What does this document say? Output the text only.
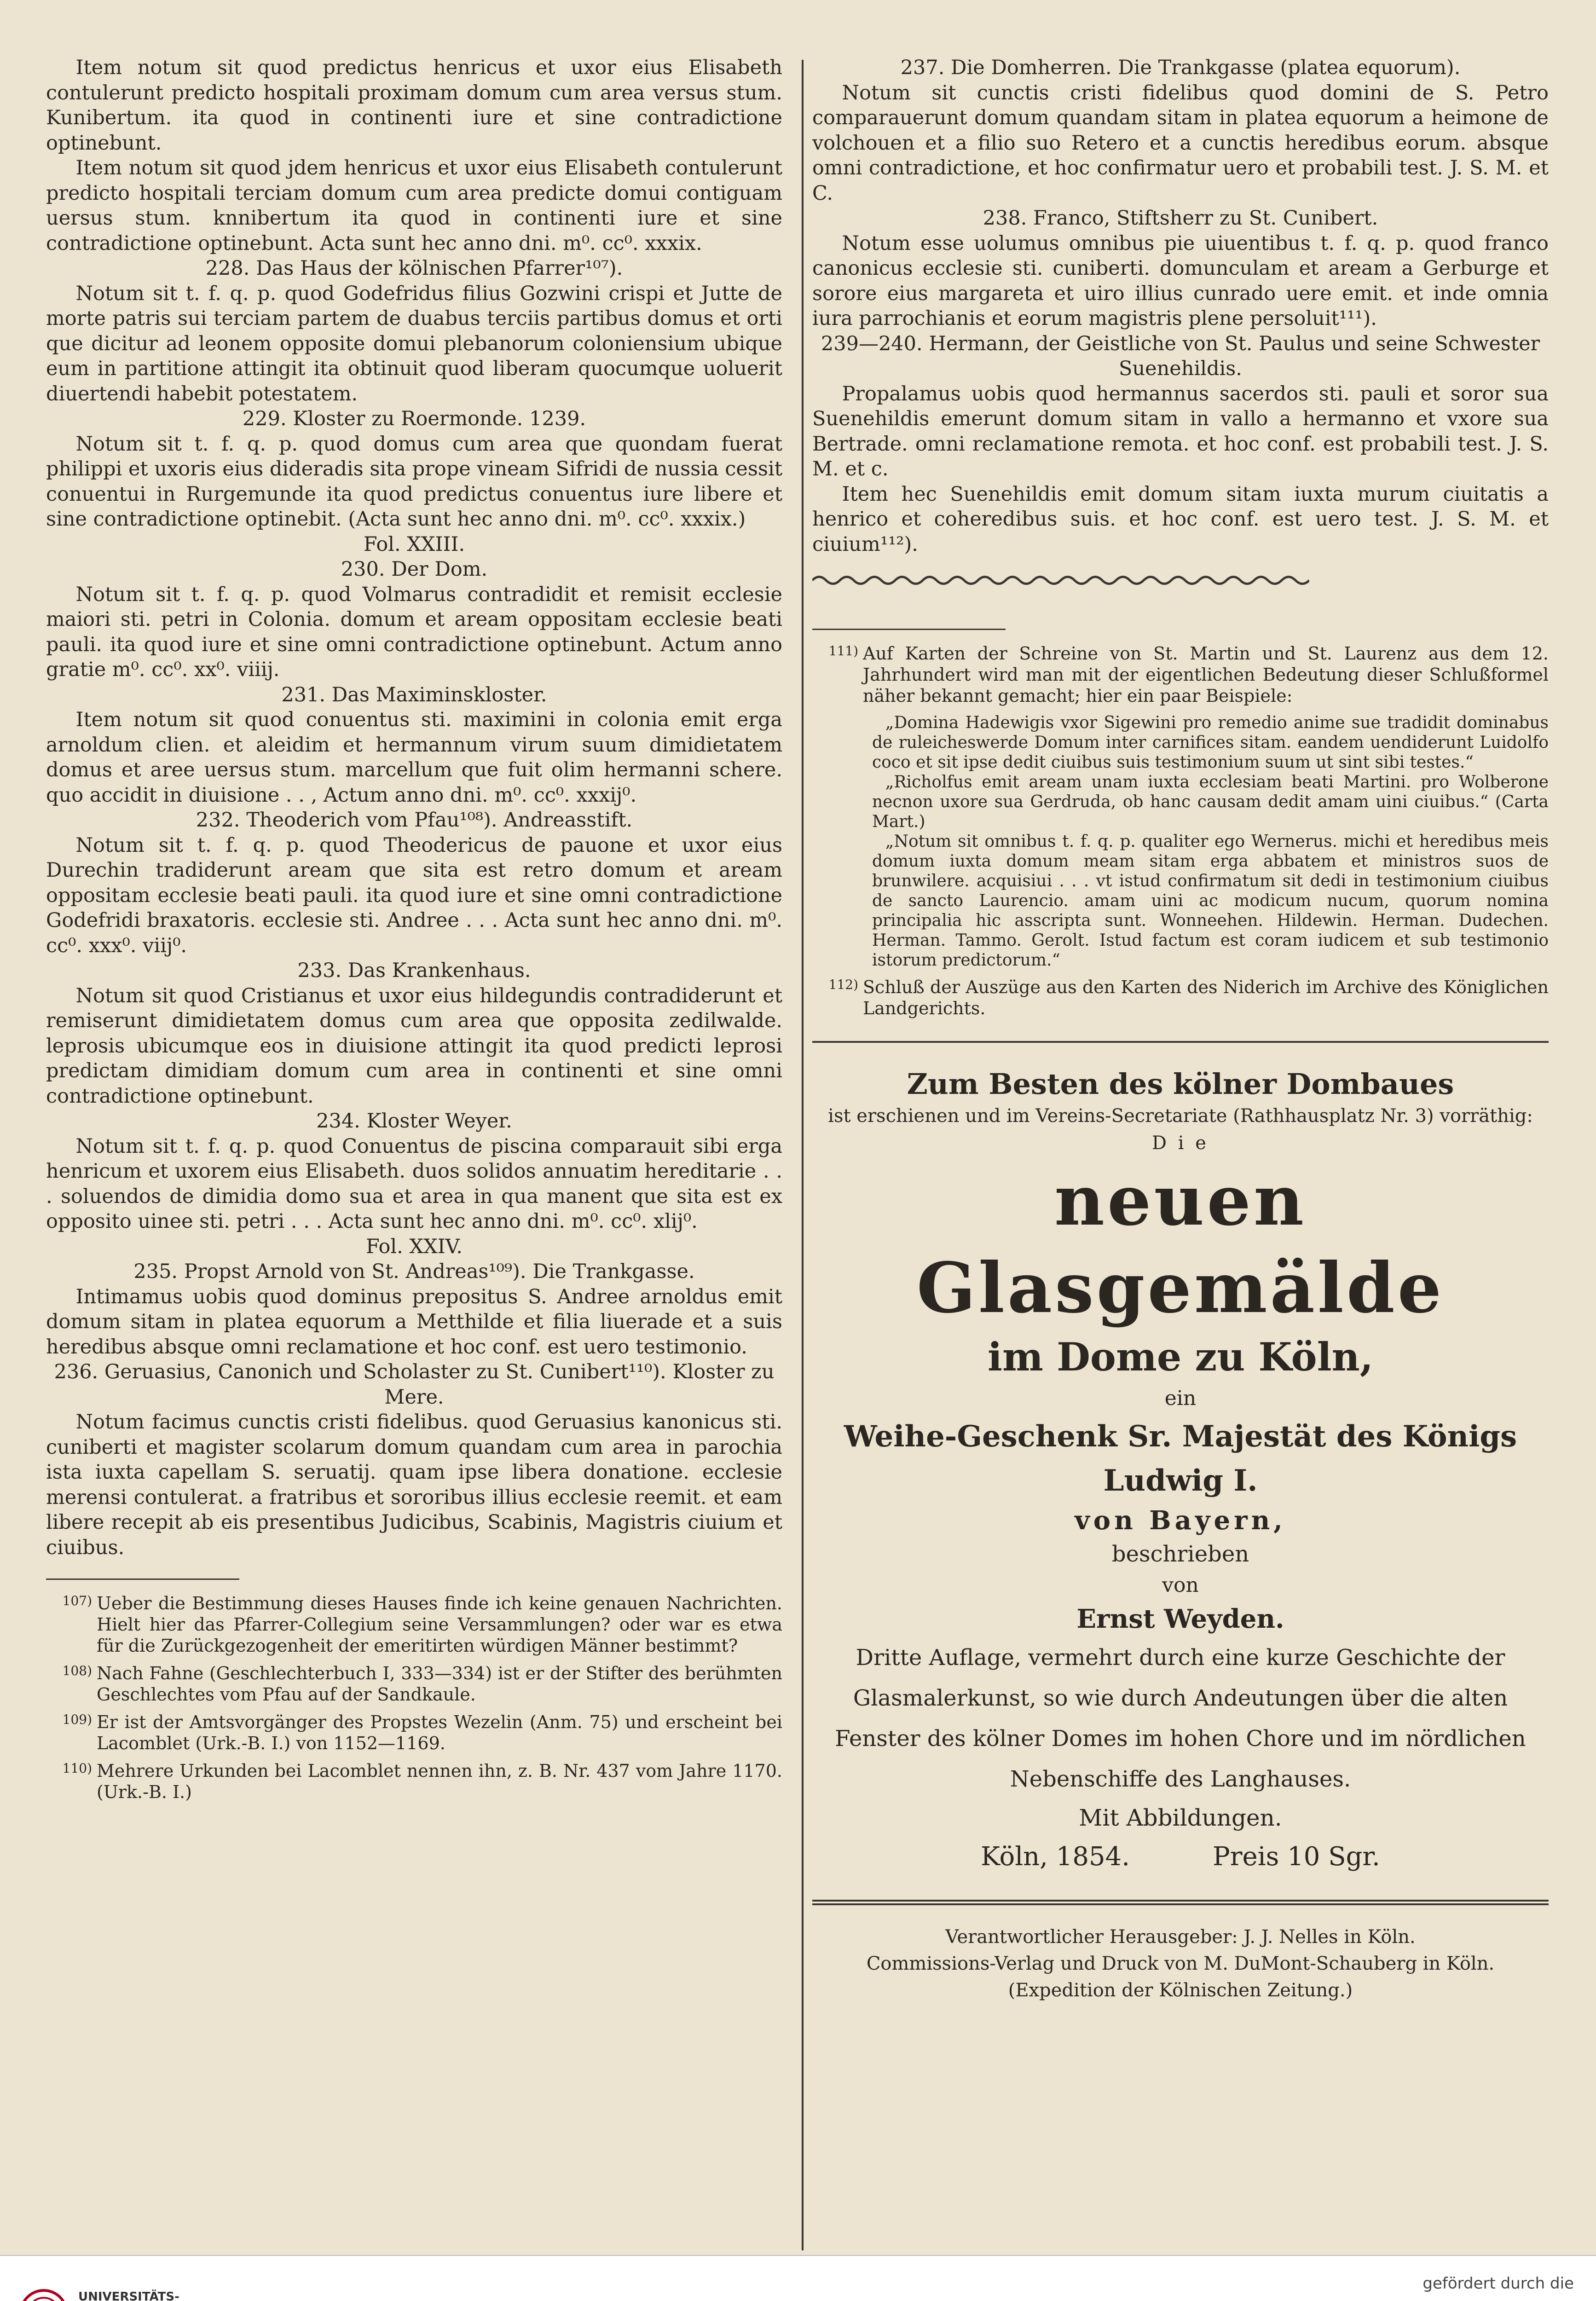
Item notum sit quod predictus henricus et uxor eius Elisabeth contulerunt predicto hospitali proximam domum cum area versus stum. Kunibertum. ita quod in continenti iure et sine contradictione optinebunt.

Item notum sit quod jdem henricus et uxor eius Elisabeth contulerunt predicto hospitali terciam domum cum area predicte domui contiguam uersus stum. knnibertum ita quod in continenti iure et sine contradictione optinebunt. Acta sunt hec anno dni. m⁰. cc⁰. xxxix.

228. Das Haus der kölnischen Pfarrer¹⁰⁷).

Notum sit t. f. q. p. quod Godefridus filius Gozwini crispi et Jutte de morte patris sui terciam partem de duabus terciis partibus domus et orti que dicitur ad leonem opposite domui plebanorum coloniensium ubique eum in partitione attingit ita obtinuit quod liberam quocumque uoluerit diuertendi habebit potestatem.

229. Kloster zu Roermonde. 1239.

Notum sit t. f. q. p. quod domus cum area que quondam fuerat philippi et uxoris eius dideradis sita prope vineam Sifridi de nussia cessit conuentui in Rurgemunde ita quod predictus conuentus iure libere et sine contradictione optinebit. (Acta sunt hec anno dni. m⁰. cc⁰. xxxix.)

Fol. XXIII.

230. Der Dom.

Notum sit t. f. q. p. quod Volmarus contradidit et remisit ecclesie maiori sti. petri in Colonia. domum et aream oppositam ecclesie beati pauli. ita quod iure et sine omni contradictione optinebunt. Actum anno gratie m⁰. cc⁰. xx⁰. viiij.

231. Das Maximinskloster.

Item notum sit quod conuentus sti. maximini in colonia emit erga arnoldum clien. et aleidim et hermannum virum suum dimidietatem domus et aree uersus stum. marcellum que fuit olim hermanni schere. quo accidit in diuisione . . , Actum anno dni. m⁰. cc⁰. xxxij⁰.

232. Theoderich vom Pfau¹⁰⁸). Andreasstift.

Notum sit t. f. q. p. quod Theodericus de pauone et uxor eius Durechin tradiderunt aream que sita est retro domum et aream oppositam ecclesie beati pauli. ita quod iure et sine omni contradictione Godefridi braxatoris. ecclesie sti. Andree . . . Acta sunt hec anno dni. m⁰. cc⁰. xxx⁰. viij⁰.

233. Das Krankenhaus.

Notum sit quod Cristianus et uxor eius hildegundis contradiderunt et remiserunt dimidietatem domus cum area que opposita zedilwalde. leprosis ubicumque eos in diuisione attingit ita quod predicti leprosi predictam dimidiam domum cum area in continenti et sine omni contradictione optinebunt.

234. Kloster Weyer.

Notum sit t. f. q. p. quod Conuentus de piscina comparauit sibi erga henricum et uxorem eius Elisabeth. duos solidos annuatim hereditarie . . . soluendos de dimidia domo sua et area in qua manent que sita est ex opposito uinee sti. petri . . . Acta sunt hec anno dni. m⁰. cc⁰. xlij⁰.

Fol. XXIV.

235. Propst Arnold von St. Andreas¹⁰⁹). Die Trankgasse.

Intimamus uobis quod dominus prepositus S. Andree arnoldus emit domum sitam in platea equorum a Metthilde et filia liuerade et a suis heredibus absque omni reclamatione et hoc conf. est uero testimonio.

236. Geruasius, Canonich und Scholaster zu St. Cunibert¹¹⁰). Kloster zu Mere.

Notum facimus cunctis cristi fidelibus. quod Geruasius kanonicus sti. cuniberti et magister scolarum domum quandam cum area in parochia ista iuxta capellam S. seruatij. quam ipse libera donatione. ecclesie merensi contulerat. a fratribus et sororibus illius ecclesie reemit. et eam libere recepit ab eis presentibus Judicibus, Scabinis, Magistris ciuium et ciuibus.

107) Ueber die Bestimmung dieses Hauses finde ich keine genauen Nachrichten. Hielt hier das Pfarrer-Collegium seine Versammlungen? oder war es etwa für die Zurückgezogenheit der emeritirten würdigen Männer bestimmt?

108) Nach Fahne (Geschlechterbuch I, 333—334) ist er der Stifter des berühmten Geschlechtes vom Pfau auf der Sandkaule.

109) Er ist der Amtsvorgänger des Propstes Wezelin (Anm. 75) und erscheint bei Lacomblet (Urk.-B. I.) von 1152—1169.

110) Mehrere Urkunden bei Lacomblet nennen ihn, z. B. Nr. 437 vom Jahre 1170. (Urk.-B. I.)

237. Die Domherren. Die Trankgasse (platea equorum).

Notum sit cunctis cristi fidelibus quod domini de S. Petro comparauerunt domum quandam sitam in platea equorum a heimone de volchouen et a filio suo Retero et a cunctis heredibus eorum. absque omni contradictione, et hoc confirmatur uero et probabili test. J. S. M. et C.

238. Franco, Stiftsherr zu St. Cunibert.

Notum esse uolumus omnibus pie uiuentibus t. f. q. p. quod franco canonicus ecclesie sti. cuniberti. domunculam et aream a Gerburge et sorore eius margareta et uiro illius cunrado uere emit. et inde omnia iura parrochianis et eorum magistris plene persoluit¹¹¹).

239—240. Hermann, der Geistliche von St. Paulus und seine Schwester Suenehildis.

Propalamus uobis quod hermannus sacerdos sti. pauli et soror sua Suenehildis emerunt domum sitam in vallo a hermanno et vxore sua Bertrade. omni reclamatione remota. et hoc conf. est probabili test. J. S. M. et c.

Item hec Suenehildis emit domum sitam iuxta murum ciuitatis a henrico et coheredibus suis. et hoc conf. est uero test. J. S. M. et ciuium¹¹²).

111) Auf Karten der Schreine von St. Martin und St. Laurenz aus dem 12. Jahrhundert wird man mit der eigentlichen Bedeutung dieser Schlußformel näher bekannt gemacht; hier ein paar Beispiele:

„Domina Hadewigis vxor Sigewini pro remedio anime sue tradidit dominabus de ruleicheswerde Domum inter carnifices sitam. eandem uendiderunt Luidolfo coco et sit ipse dedit ciuibus suis testimonium suum ut sint sibi testes.“

„Richolfus emit aream unam iuxta ecclesiam beati Martini. pro Wolberone necnon uxore sua Gerdruda, ob hanc causam dedit amam uini ciuibus.“ (Carta Mart.)

„Notum sit omnibus t. f. q. p. qualiter ego Wernerus. michi et heredibus meis domum iuxta domum meam sitam erga abbatem et ministros suos de brunwilere. acquisiui . . . vt istud confirmatum sit dedi in testimonium ciuibus de sancto Laurencio. amam uini ac modicum nucum, quorum nomina principalia hic asscripta sunt. Wonneehen. Hildewin. Herman. Dudechen. Herman. Tammo. Gerolt. Istud factum est coram iudicem et sub testimonio istorum predictorum.“

112) Schluß der Auszüge aus den Karten des Niderich im Archive des Königlichen Landgerichts.

Zum Besten des kölner Dombaues

ist erschienen und im Vereins-Secretariate (Rathhausplatz Nr. 3) vorräthig:

D i e

neuen Glasgemälde

im Dome zu Köln,

ein

Weihe-Geschenk Sr. Majestät des Königs Ludwig I.

von Bayern,

beschrieben

von

Ernst Weyden.

Dritte Auflage, vermehrt durch eine kurze Geschichte der Glasmalerkunst, so wie durch Andeutungen über die alten Fenster des kölner Domes im hohen Chore und im nördlichen Nebenschiffe des Langhauses.

Mit Abbildungen.

Köln, 1854.	Preis 10 Sgr.

Verantwortlicher Herausgeber: J. J. Nelles in Köln.

Commissions-Verlag und Druck von M. DuMont-Schauberg in Köln.

(Expedition der Kölnischen Zeitung.)

UNIVERSITÄTS-
gefördert durch die
